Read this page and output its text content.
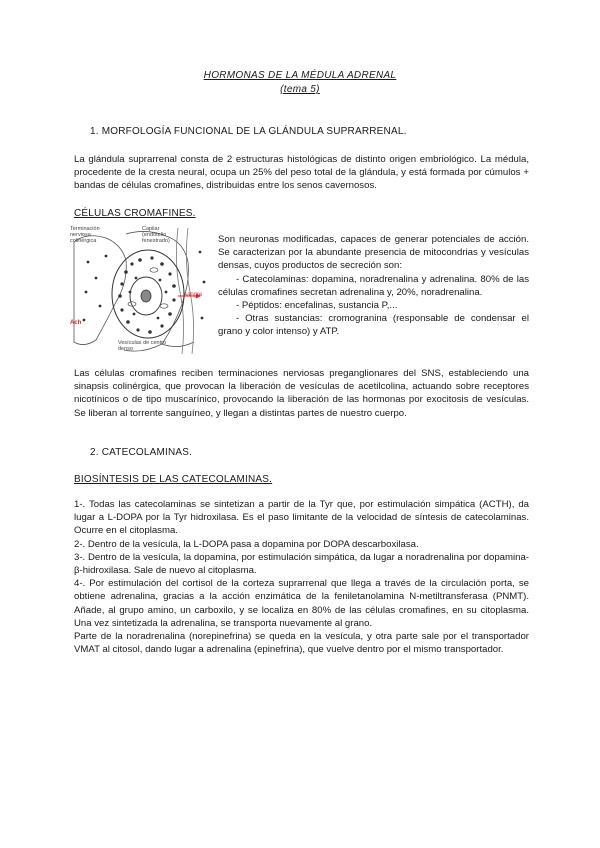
HORMONAS DE LA MÉDULA ADRENAL
(tema 5)
1. MORFOLOGÍA FUNCIONAL DE LA GLÁNDULA SUPRARRENAL.
La glándula suprarrenal consta de 2 estructuras histológicas de distinto origen embriológico. La médula, procedente de la cresta neural, ocupa un 25% del peso total de la glándula, y está formada por cúmulos + bandas de células cromafines, distribuidas entre los senos cavernosos.
CÉLULAS CROMAFINES.
Terminación nerviosa colinérgica
Capilar (endotelio fenestrado)
Vesículas de centro denso
sangre
Ach
Son neuronas modificadas, capaces de generar potenciales de acción. Se caracterizan por la abundante presencia de mitocondrias y vesículas densas, cuyos productos de secreción son:
- Catecolaminas: dopamina, noradrenalina y adrenalina. 80% de las células cromafines secretan adrenalina y, 20%, noradrenalina.
- Péptidos: encefalinas, sustancia P,...
- Otras sustancias: cromogranina (responsable de condensar el grano y color intenso) y ATP.
Las células cromafines reciben terminaciones nerviosas preganglionares del SNS, estableciendo una sinapsis colinérgica, que provocan la liberación de vesículas de acetilcolina, actuando sobre receptores nicotínicos o de tipo muscarínico, provocando la liberación de las hormonas por exocitosis de vesículas. Se liberan al torrente sanguíneo, y llegan a distintas partes de nuestro cuerpo.
2. CATECOLAMINAS.
BIOSÍNTESIS DE LAS CATECOLAMINAS.
1-. Todas las catecolaminas se sintetizan a partir de la Tyr que, por estimulación simpática (ACTH), da lugar a L-DOPA por la Tyr hidroxilasa. Es el paso limitante de la velocidad de síntesis de catecolaminas. Ocurre en el citoplasma.
2-. Dentro de la vesícula, la L-DOPA pasa a dopamina por DOPA descarboxilasa.
3-. Dentro de la vesícula, la dopamina, por estimulación simpática, da lugar a noradrenalina por dopamina-β-hidroxilasa. Sale de nuevo al citoplasma.
4-. Por estimulación del cortisol de la corteza suprarrenal que llega a través de la circulación porta, se obtiene adrenalina, gracias a la acción enzimática de la feniletanolamina N-metiltransferasa (PNMT). Añade, al grupo amino, un carboxilo, y se localiza en 80% de las células cromafines, en su citoplasma. Una vez sintetizada la adrenalina, se transporta nuevamente al grano.
Parte de la noradrenalina (norepinefrina) se queda en la vesícula, y otra parte sale por el transportador VMAT al citosol, dando lugar a adrenalina (epinefrina), que vuelve dentro por el mismo transportador.
